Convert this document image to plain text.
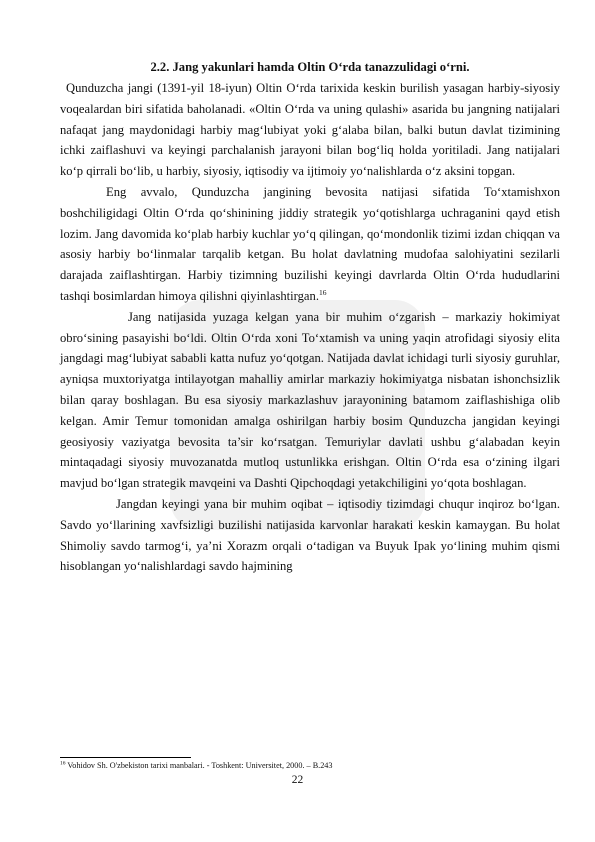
2.2. Jang yakunlari hamda Oltin O‘rda tanazzulidagi o‘rni.

Qunduzcha jangi (1391-yil 18-iyun) Oltin O‘rda tarixida keskin burilish yasagan harbiy-siyosiy voqealardan biri sifatida baholanadi. «Oltin O‘rda va uning qulashi» asarida bu jangning natijalari nafaqat jang maydonidagi harbiy mag‘lubiyat yoki g‘alaba bilan, balki butun davlat tizimining ichki zaiflashuvi va keyingi parchalanish jarayoni bilan bog‘liq holda yoritiladi. Jang natijalari ko‘p qirrali bo‘lib, u harbiy, siyosiy, iqtisodiy va ijtimoiy yo‘nalishlarda o‘z aksini topgan.

Eng avvalo, Qunduzcha jangining bevosita natijasi sifatida To‘xtamishxon boshchiligidagi Oltin O‘rda qo‘shinining jiddiy strategik yo‘qotishlarga uchraganini qayd etish lozim. Jang davomida ko‘plab harbiy kuchlar yo‘q qilingan, qo‘mondonlik tizimi izdan chiqqan va asosiy harbiy bo‘linmalar tarqalib ketgan. Bu holat davlatning mudofaa salohiyatini sezilarli darajada zaiflashtirgan. Harbiy tizimning buzilishi keyingi davrlarda Oltin O‘rda hududlarini tashqi bosimlardan himoya qilishni qiyinlashtirgan.$^{16}$

Jang natijasida yuzaga kelgan yana bir muhim o‘zgarish – markaziy hokimiyat obro‘sining pasayishi bo‘ldi. Oltin O‘rda xoni To‘xtamish va uning yaqin atrofidagi siyosiy elita jangdagi mag‘lubiyat sababli katta nufuz yo‘qotgan. Natijada davlat ichidagi turli siyosiy guruhlar, ayniqsa muxtoriyatga intilayotgan mahalliy amirlar markaziy hokimiyatga nisbatan ishonchsizlik bilan qaray boshlagan. Bu esa siyosiy markazlashuv jarayonining batamom zaiflashishiga olib kelgan. Amir Temur tomonidan amalga oshirilgan harbiy bosim Qunduzcha jangidan keyingi geosiyosiy vaziyatga bevosita ta’sir ko‘rsatgan. Temuriylar davlati ushbu g‘alabadan keyin mintaqadagi siyosiy muvozanatda mutloq ustunlikka erishgan. Oltin O‘rda esa o‘zining ilgari mavjud bo‘lgan strategik mavqeini va Dashti Qipchoqdagi yetakchiligini yo‘qota boshlagan.

Jangdan keyingi yana bir muhim oqibat – iqtisodiy tizimdagi chuqur inqiroz bo‘lgan. Savdo yo‘llarining xavfsizligi buzilishi natijasida karvonlar harakati keskin kamaygan. Bu holat Shimoliy savdo tarmog‘i, ya’ni Xorazm orqali o‘tadigan va Buyuk Ipak yo‘lining muhim qismi hisoblangan yo‘nalishlardagi savdo hajmining

$^{16}$ Vohidov Sh. O'zbekiston tarixi manbalari. - Toshkent: Universitet, 2000. – B.243

22
